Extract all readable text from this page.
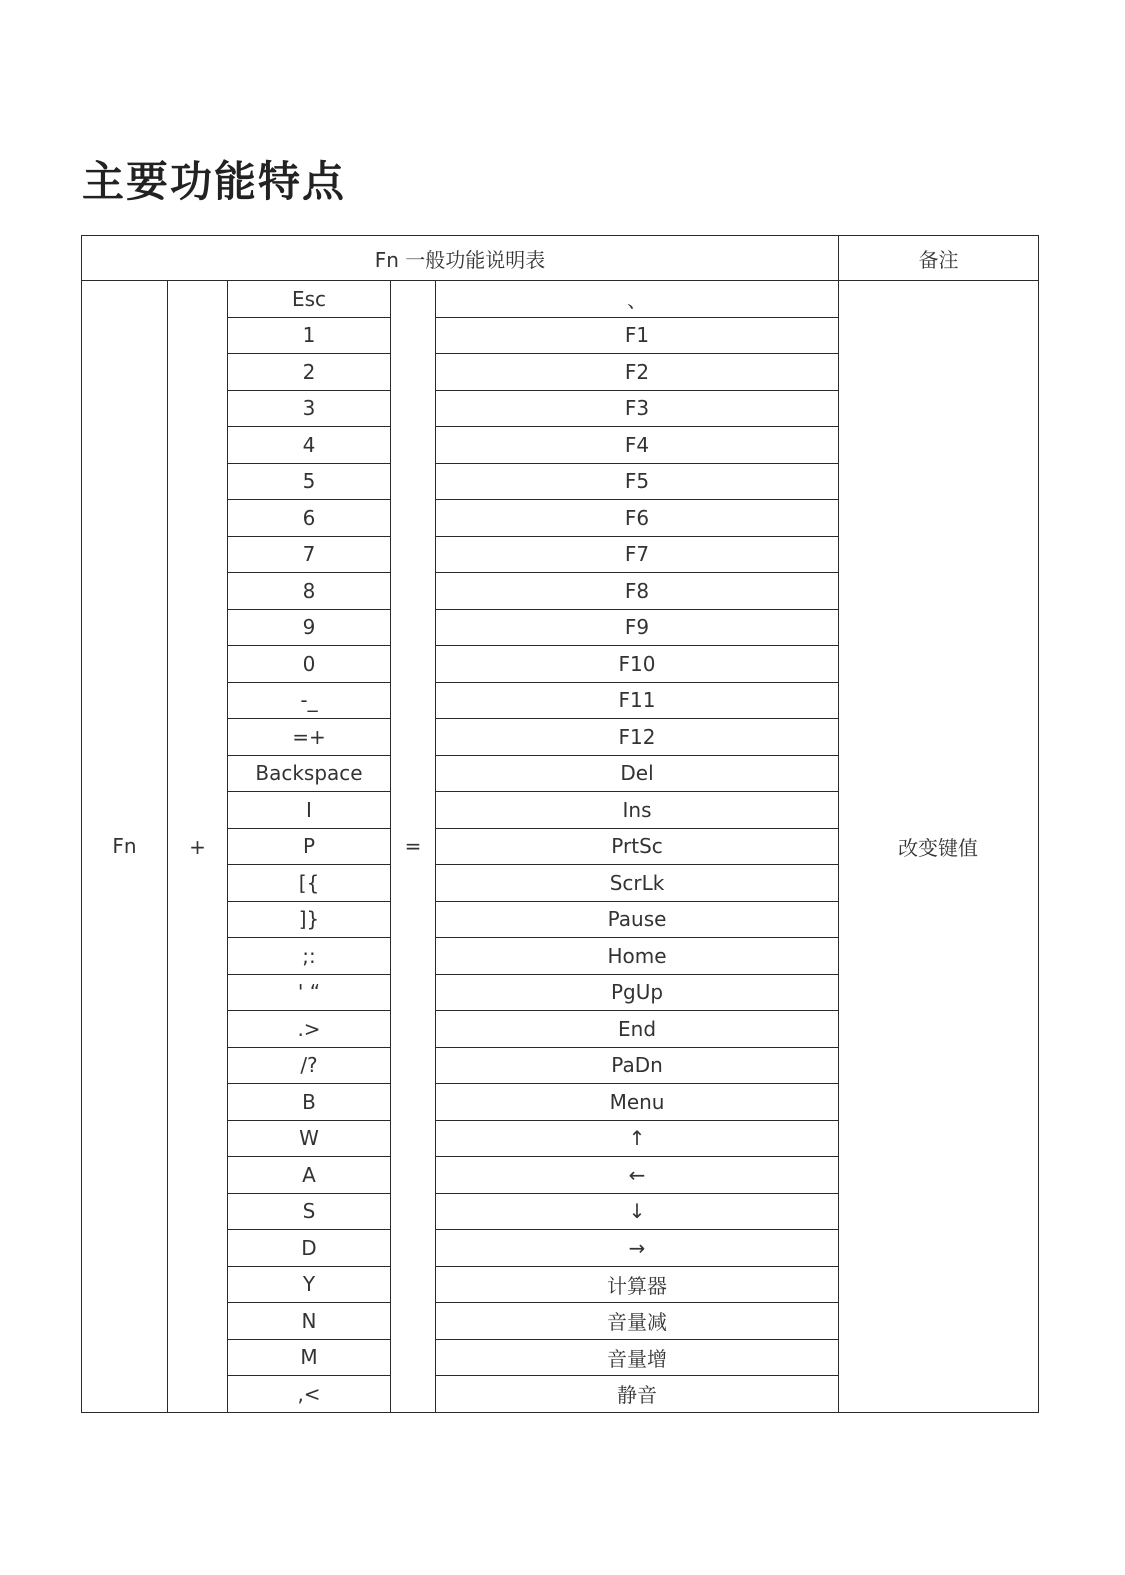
主要功能特点
Fn 一般功能说明表					备注
Fn	+	Esc	=	、	改变键值
		1		F1	
		2		F2	
		3		F3	
		4		F4	
		5		F5	
		6		F6	
		7		F7	
		8		F8	
		9		F9	
		0		F10	
		-_		F11	
		=+		F12	
		Backspace		Del	
		I		Ins	
		P		PrtSc	
		[{		ScrLk	
		]}		Pause	
		;:		Home	
		' “		PgUp	
		.>		End	
		/?		PaDn	
		B		Menu	
		W		↑	
		A		←	
		S		↓	
		D		→	
		Y		计算器	
		N		音量减	
		M		音量增	
		,<		静音	
